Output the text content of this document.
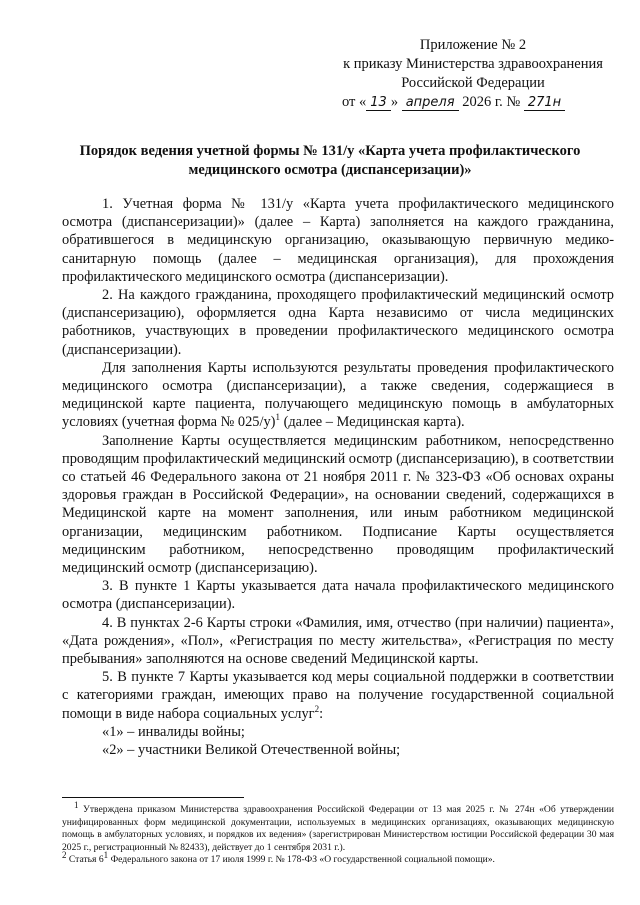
Приложение № 2
к приказу Министерства здравоохранения
Российской Федерации
от « 13 » апреля 2026 г. № 271н
Порядок ведения учетной формы № 131/у «Карта учета профилактического
медицинского осмотра (диспансеризации)»

1. Учетная форма № 131/у «Карта учета профилактического медицинского осмотра (диспансеризации)» (далее – Карта) заполняется на каждого гражданина, обратившегося в медицинскую организацию, оказывающую первичную медико-санитарную помощь (далее – медицинская организация), для прохождения профилактического медицинского осмотра (диспансеризации).

2. На каждого гражданина, проходящего профилактический медицинский осмотр (диспансеризацию), оформляется одна Карта независимо от числа медицинских работников, участвующих в проведении профилактического медицинского осмотра (диспансеризации).

Для заполнения Карты используются результаты проведения профилактического медицинского осмотра (диспансеризации), а также сведения, содержащиеся в медицинской карте пациента, получающего медицинскую помощь в амбулаторных условиях (учетная форма № 025/у)$^1$ (далее – Медицинская карта).

Заполнение Карты осуществляется медицинским работником, непосредственно проводящим профилактический медицинский осмотр (диспансеризацию), в соответствии со статьей 46 Федерального закона от 21 ноября 2011 г. № 323-ФЗ «Об основах охраны здоровья граждан в Российской Федерации», на основании сведений, содержащихся в Медицинской карте на момент заполнения, или иным работником медицинской организации, медицинским работником. Подписание Карты осуществляется медицинским работником, непосредственно проводящим профилактический медицинский осмотр (диспансеризацию).

3. В пункте 1 Карты указывается дата начала профилактического медицинского осмотра (диспансеризации).

4. В пунктах 2-6 Карты строки «Фамилия, имя, отчество (при наличии) пациента», «Дата рождения», «Пол», «Регистрация по месту жительства», «Регистрация по месту пребывания» заполняются на основе сведений Медицинской карты.

5. В пункте 7 Карты указывается код меры социальной поддержки в соответствии с категориями граждан, имеющих право на получение государственной социальной помощи в виде набора социальных услуг$^2$:

«1» – инвалиды войны;

«2» – участники Великой Отечественной войны;

$^1$ Утверждена приказом Министерства здравоохранения Российской Федерации от 13 мая 2025 г. № 274н «Об утверждении унифицированных форм медицинской документации, используемых в медицинских организациях, оказывающих медицинскую помощь в амбулаторных условиях, и порядков их ведения» (зарегистрирован Министерством юстиции Российской федерации 30 мая 2025 г., регистрационный № 82433), действует до 1 сентября 2031 г.).

$^2$ Статья $6^1$ Федерального закона от 17 июля 1999 г. № 178-ФЗ «О государственной социальной помощи».
